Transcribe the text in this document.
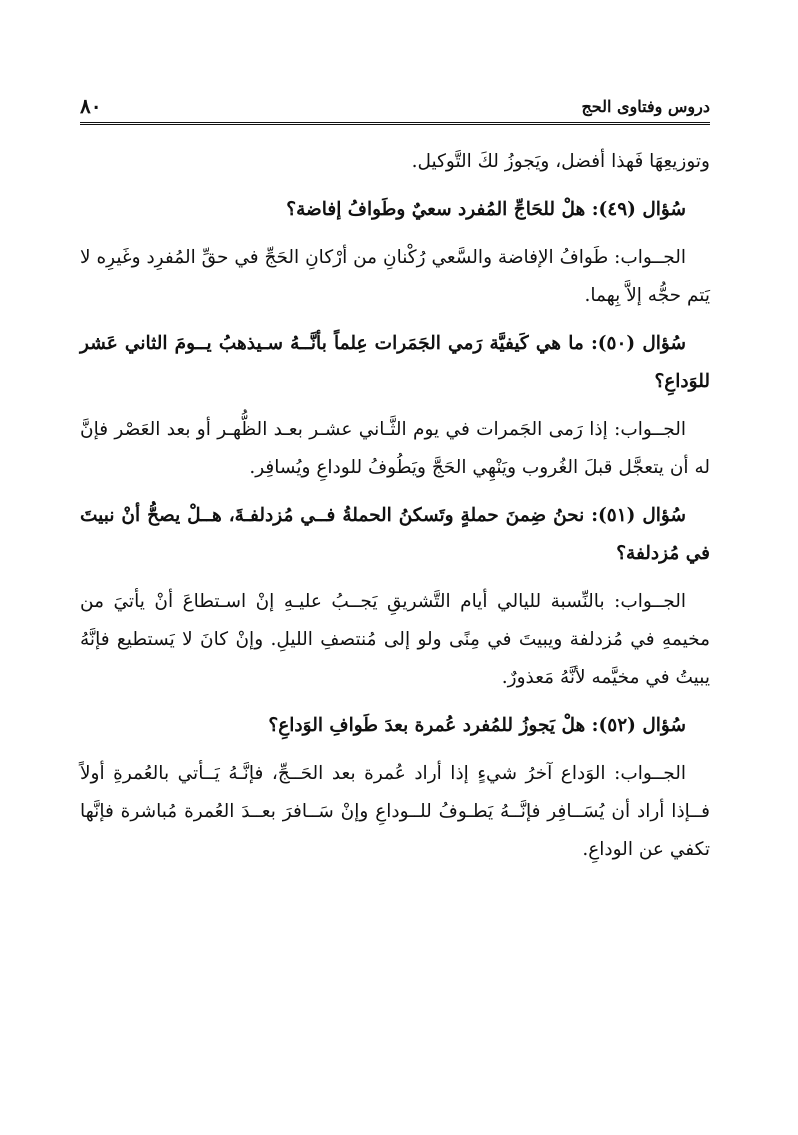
دروس وفتاوى الحج
٨٠

وتوزيعِهَا فَهذا أفضل، ويَجوزُ لكَ التَّوكيل.

سُؤال (٤٩): هلْ للحَاجِّ المُفرد سعيٌ وطَوافُ إفاضة؟

الجــواب: طَوافُ الإفاضة والسَّعي رُكْنانِ من أرْكانِ الحَجِّ في حقِّ المُفرِد وغَيرِه لا يَتم حجُّه إلاَّ بِهما.

سُؤال (٥٠): ما هي كَيفيَّة رَمي الجَمَرات عِلماً بأنَّــهُ سـيذهبُ يــومَ الثاني عَشر للوَداعِ؟

الجــواب: إذا رَمى الجَمرات في يوم الثَّـاني عشـر بعـد الظُّهـر أو بعد العَصْر فإنَّ له أن يتعجَّل قبلَ الغُروب ويَنْهِي الحَجَّ ويَطُوفُ للوداعِ ويُسافِر.

سُؤال (٥١): نحنُ ضِمنَ حملةٍ وتَسكنُ الحملةُ فــي مُزدلفـةَ، هــلْ يصحُّ أنْ نبيتَ في مُزدلفة؟

الجــواب: بالنِّسبة لليالي أيام التَّشريقِ يَجــبُ عليـهِ إنْ اسـتطاعَ أنْ يأتيَ من مخيمهِ في مُزدلفة ويبيتَ في مِنًى ولو إلى مُنتصفِ الليلِ. وإنْ كانَ لا يَستطيع فإنَّهُ يبيتُ في مخيَّمه لأنَّهُ مَعذورٌ.

سُؤال (٥٢): هلْ يَجوزُ للمُفرد عُمرة بعدَ طَوافِ الوَداعِ؟

الجــواب: الوَداع آخرُ شيءٍ إذا أراد عُمرة بعد الحَــجِّ، فإنَّـهُ يَــأتي بالعُمرةِ أولاً فــإذا أراد أن يُسَــافِر فإنَّــهُ يَطـوفُ للــوداعِ وإنْ سَــافرَ بعــدَ العُمرة مُباشرة فإنَّها تكفي عن الوداعِ.
